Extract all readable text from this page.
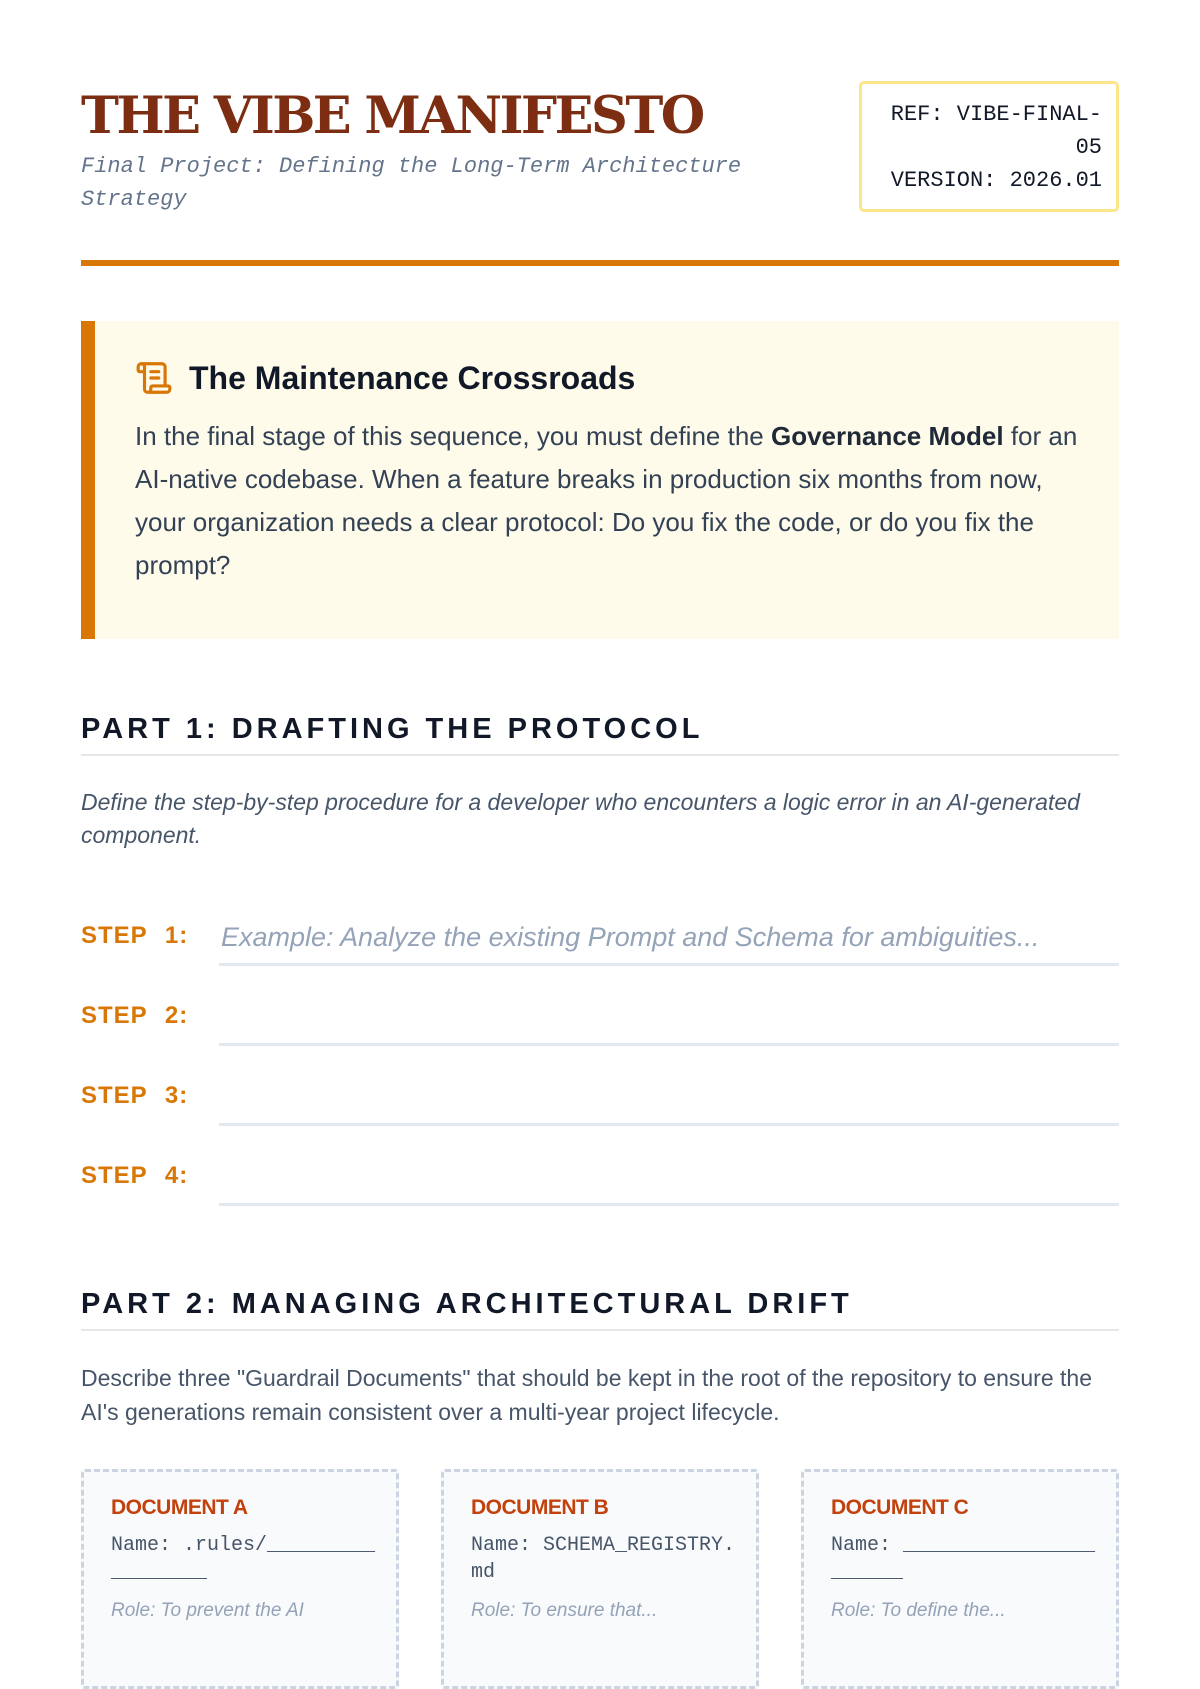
THE VIBE MANIFESTO
Final Project: Defining the Long-Term Architecture Strategy
REF: VIBE-FINAL-05
VERSION: 2026.01
The Maintenance Crossroads
In the final stage of this sequence, you must define the Governance Model for an AI-native codebase. When a feature breaks in production six months from now, your organization needs a clear protocol: Do you fix the code, or do you fix the prompt?
PART 1: DRAFTING THE PROTOCOL
Define the step-by-step procedure for a developer who encounters a logic error in an AI-generated component.
STEP 1:
Example: Analyze the existing Prompt and Schema for ambiguities...
STEP 2:
STEP 3:
STEP 4:
PART 2: MANAGING ARCHITECTURAL DRIFT
Describe three "Guardrail Documents" that should be kept in the root of the repository to ensure the AI's generations remain consistent over a multi-year project lifecycle.
DOCUMENT A
Name: .rules/_________________
Role: To prevent the AI
DOCUMENT B
Name: SCHEMA_REGISTRY.md
Role: To ensure that...
DOCUMENT C
Name: ______________________
Role: To define the...
